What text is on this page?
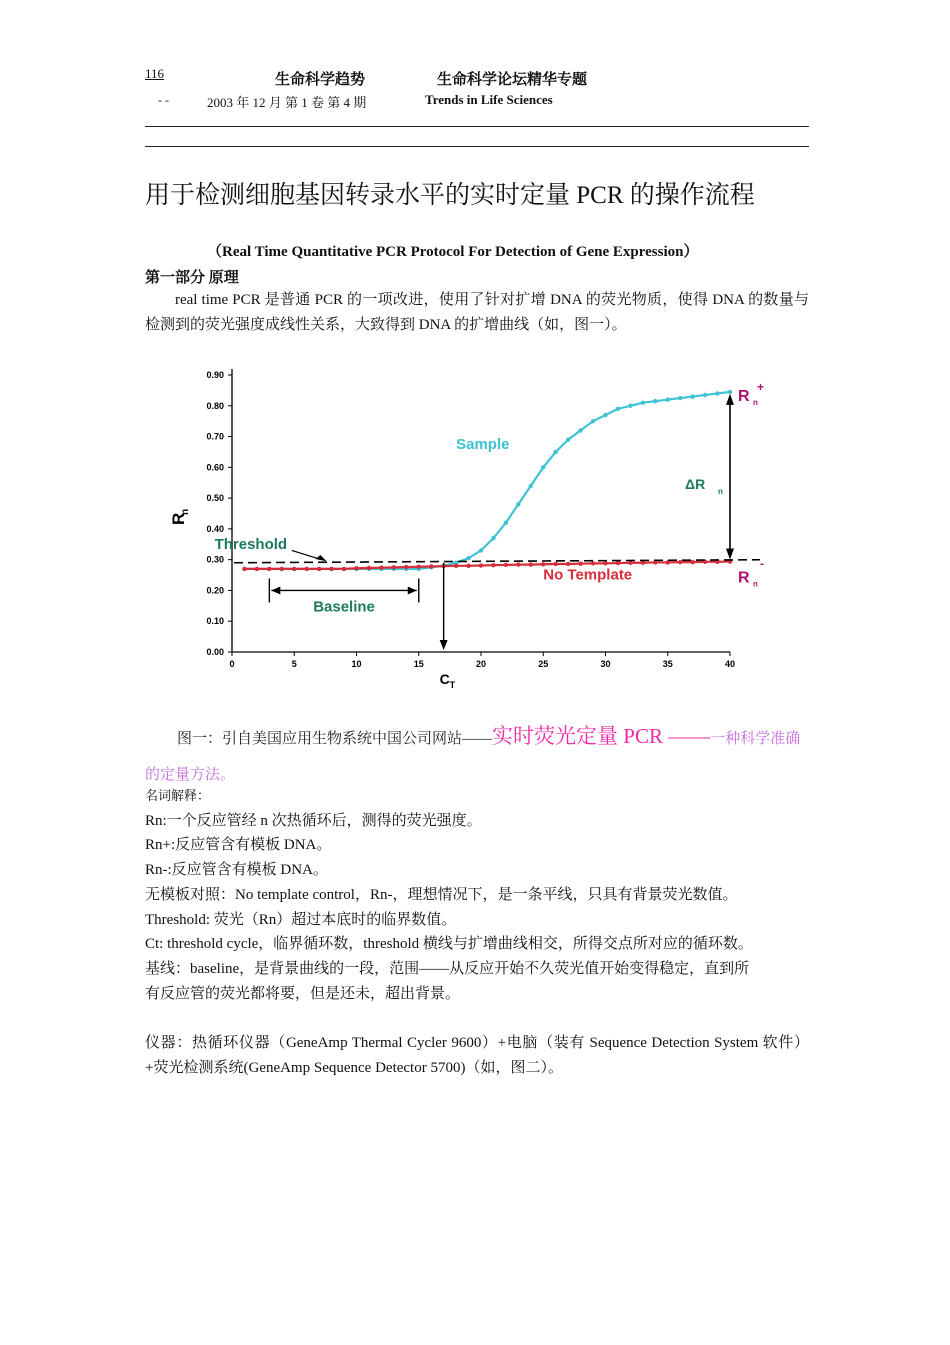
116
- -
生命科学趋势	生命科学论坛精华专题
2003 年 12 月 第 1 卷 第 4 期	Trends in Life Sciences
用于检测细胞基因转录水平的实时定量 PCR 的操作流程
（Real Time Quantitative PCR Protocol For Detection of Gene Expression）
第一部分 原理

real time PCR 是普通 PCR 的一项改进，使用了针对扩增 DNA 的荧光物质，使得 DNA 的数量与检测到的荧光强度成线性关系，大致得到 DNA 的扩增曲线（如，图一）。

0.00
0.10
0.20
0.30
0.40
0.50
0.60
0.70
0.80
0.90
0	5	10	15	20	25	30	35	40
R
n
C T
Baseline
ΔR n
R n
+
R n
-
Sample
No Template
Threshold
图一：引自美国应用生物系统中国公司网站——实时荧光定量 PCR ——一种科学准确
的定量方法。
名词解释：
Rn:一个反应管经 n 次热循环后，测得的荧光强度。
Rn+:反应管含有模板 DNA。
Rn-:反应管含有模板 DNA。
无模板对照：No template control，Rn-，理想情况下，是一条平线，只具有背景荧光数值。
Threshold: 荧光（Rn）超过本底时的临界数值。
Ct: threshold cycle，临界循环数，threshold 横线与扩增曲线相交，所得交点所对应的循环数。
基线：baseline，是背景曲线的一段，范围——从反应开始不久荧光值开始变得稳定，直到所
有反应管的荧光都将要，但是还未，超出背景。

仪器：热循环仪器（GeneAmp Thermal Cycler 9600）+电脑（装有 Sequence Detection System 软件）+荧光检测系统(GeneAmp Sequence Detector 5700)（如，图二）。
